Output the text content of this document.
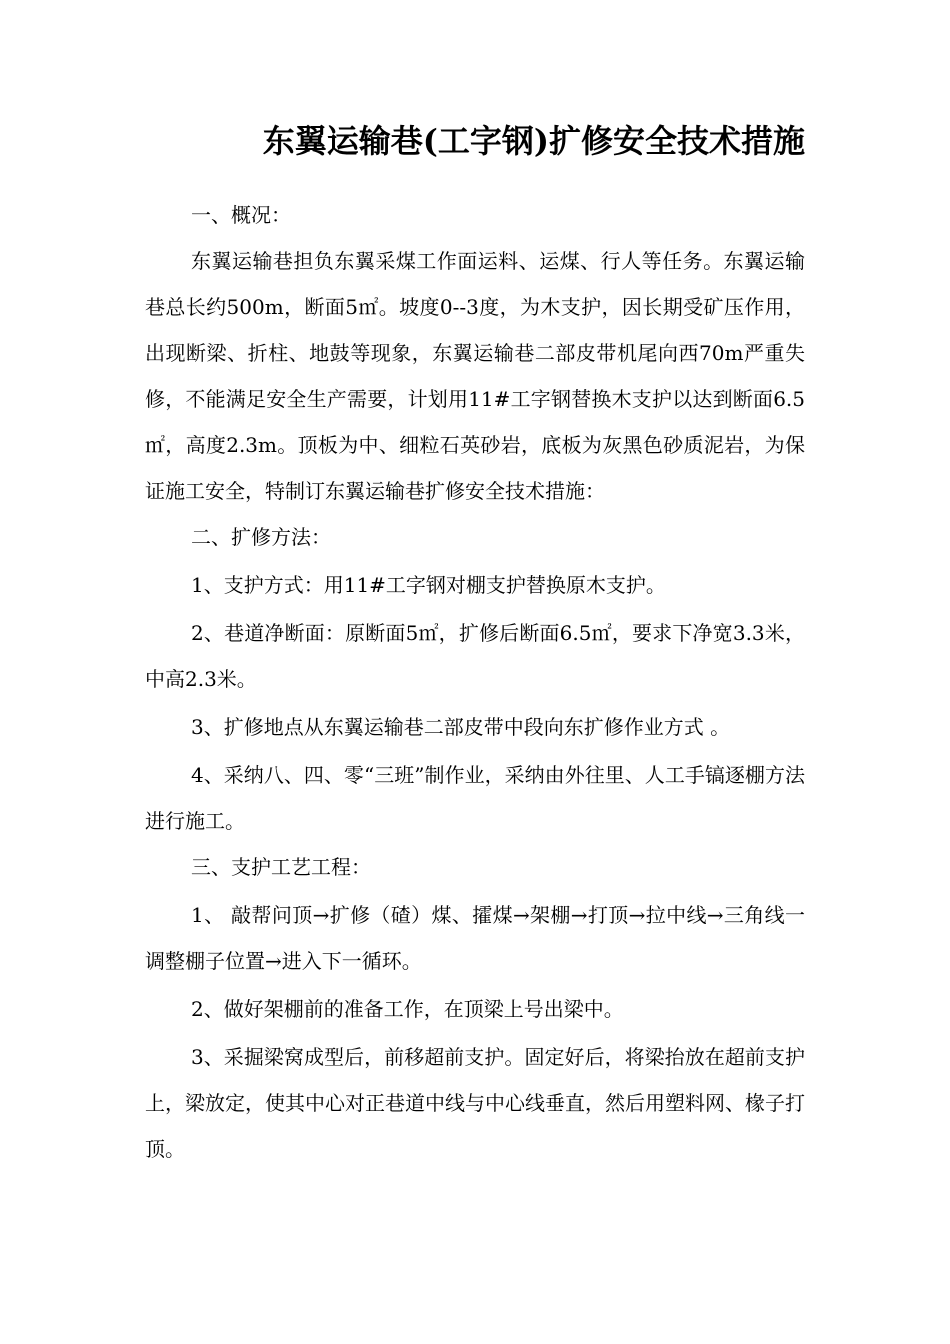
东翼运输巷(工字钢)扩修安全技术措施

一、概况：

东翼运输巷担负东翼采煤工作面运料、运煤、行人等任务。东翼运输巷总长约500m，断面5㎡。坡度0--3度，为木支护，因长期受矿压作用，出现断梁、折柱、地鼓等现象，东翼运输巷二部皮带机尾向西70m严重失修，不能满足安全生产需要，计划用11#工字钢替换木支护以达到断面6.5㎡，高度2.3m。顶板为中、细粒石英砂岩，底板为灰黑色砂质泥岩，为保证施工安全，特制订东翼运输巷扩修安全技术措施：

二、扩修方法：

1、支护方式：用11#工字钢对棚支护替换原木支护。

2、巷道净断面：原断面5㎡，扩修后断面6.5㎡，要求下净宽3.3米，中高2.3米。

3、扩修地点从东翼运输巷二部皮带中段向东扩修作业方式 。

4、采纳八、四、零“三班”制作业，采纳由外往里、人工手镐逐棚方法进行施工。

三、支护工艺工程：

1、 敲帮问顶→扩修（碴）煤、攉煤→架棚→打顶→拉中线→三角线一调整棚子位置→进入下一循环。

2、做好架棚前的准备工作，在顶梁上号出梁中。

3、采掘梁窝成型后，前移超前支护。固定好后，将梁抬放在超前支护上，梁放定，使其中心对正巷道中线与中心线垂直，然后用塑料网、椽子打顶。
